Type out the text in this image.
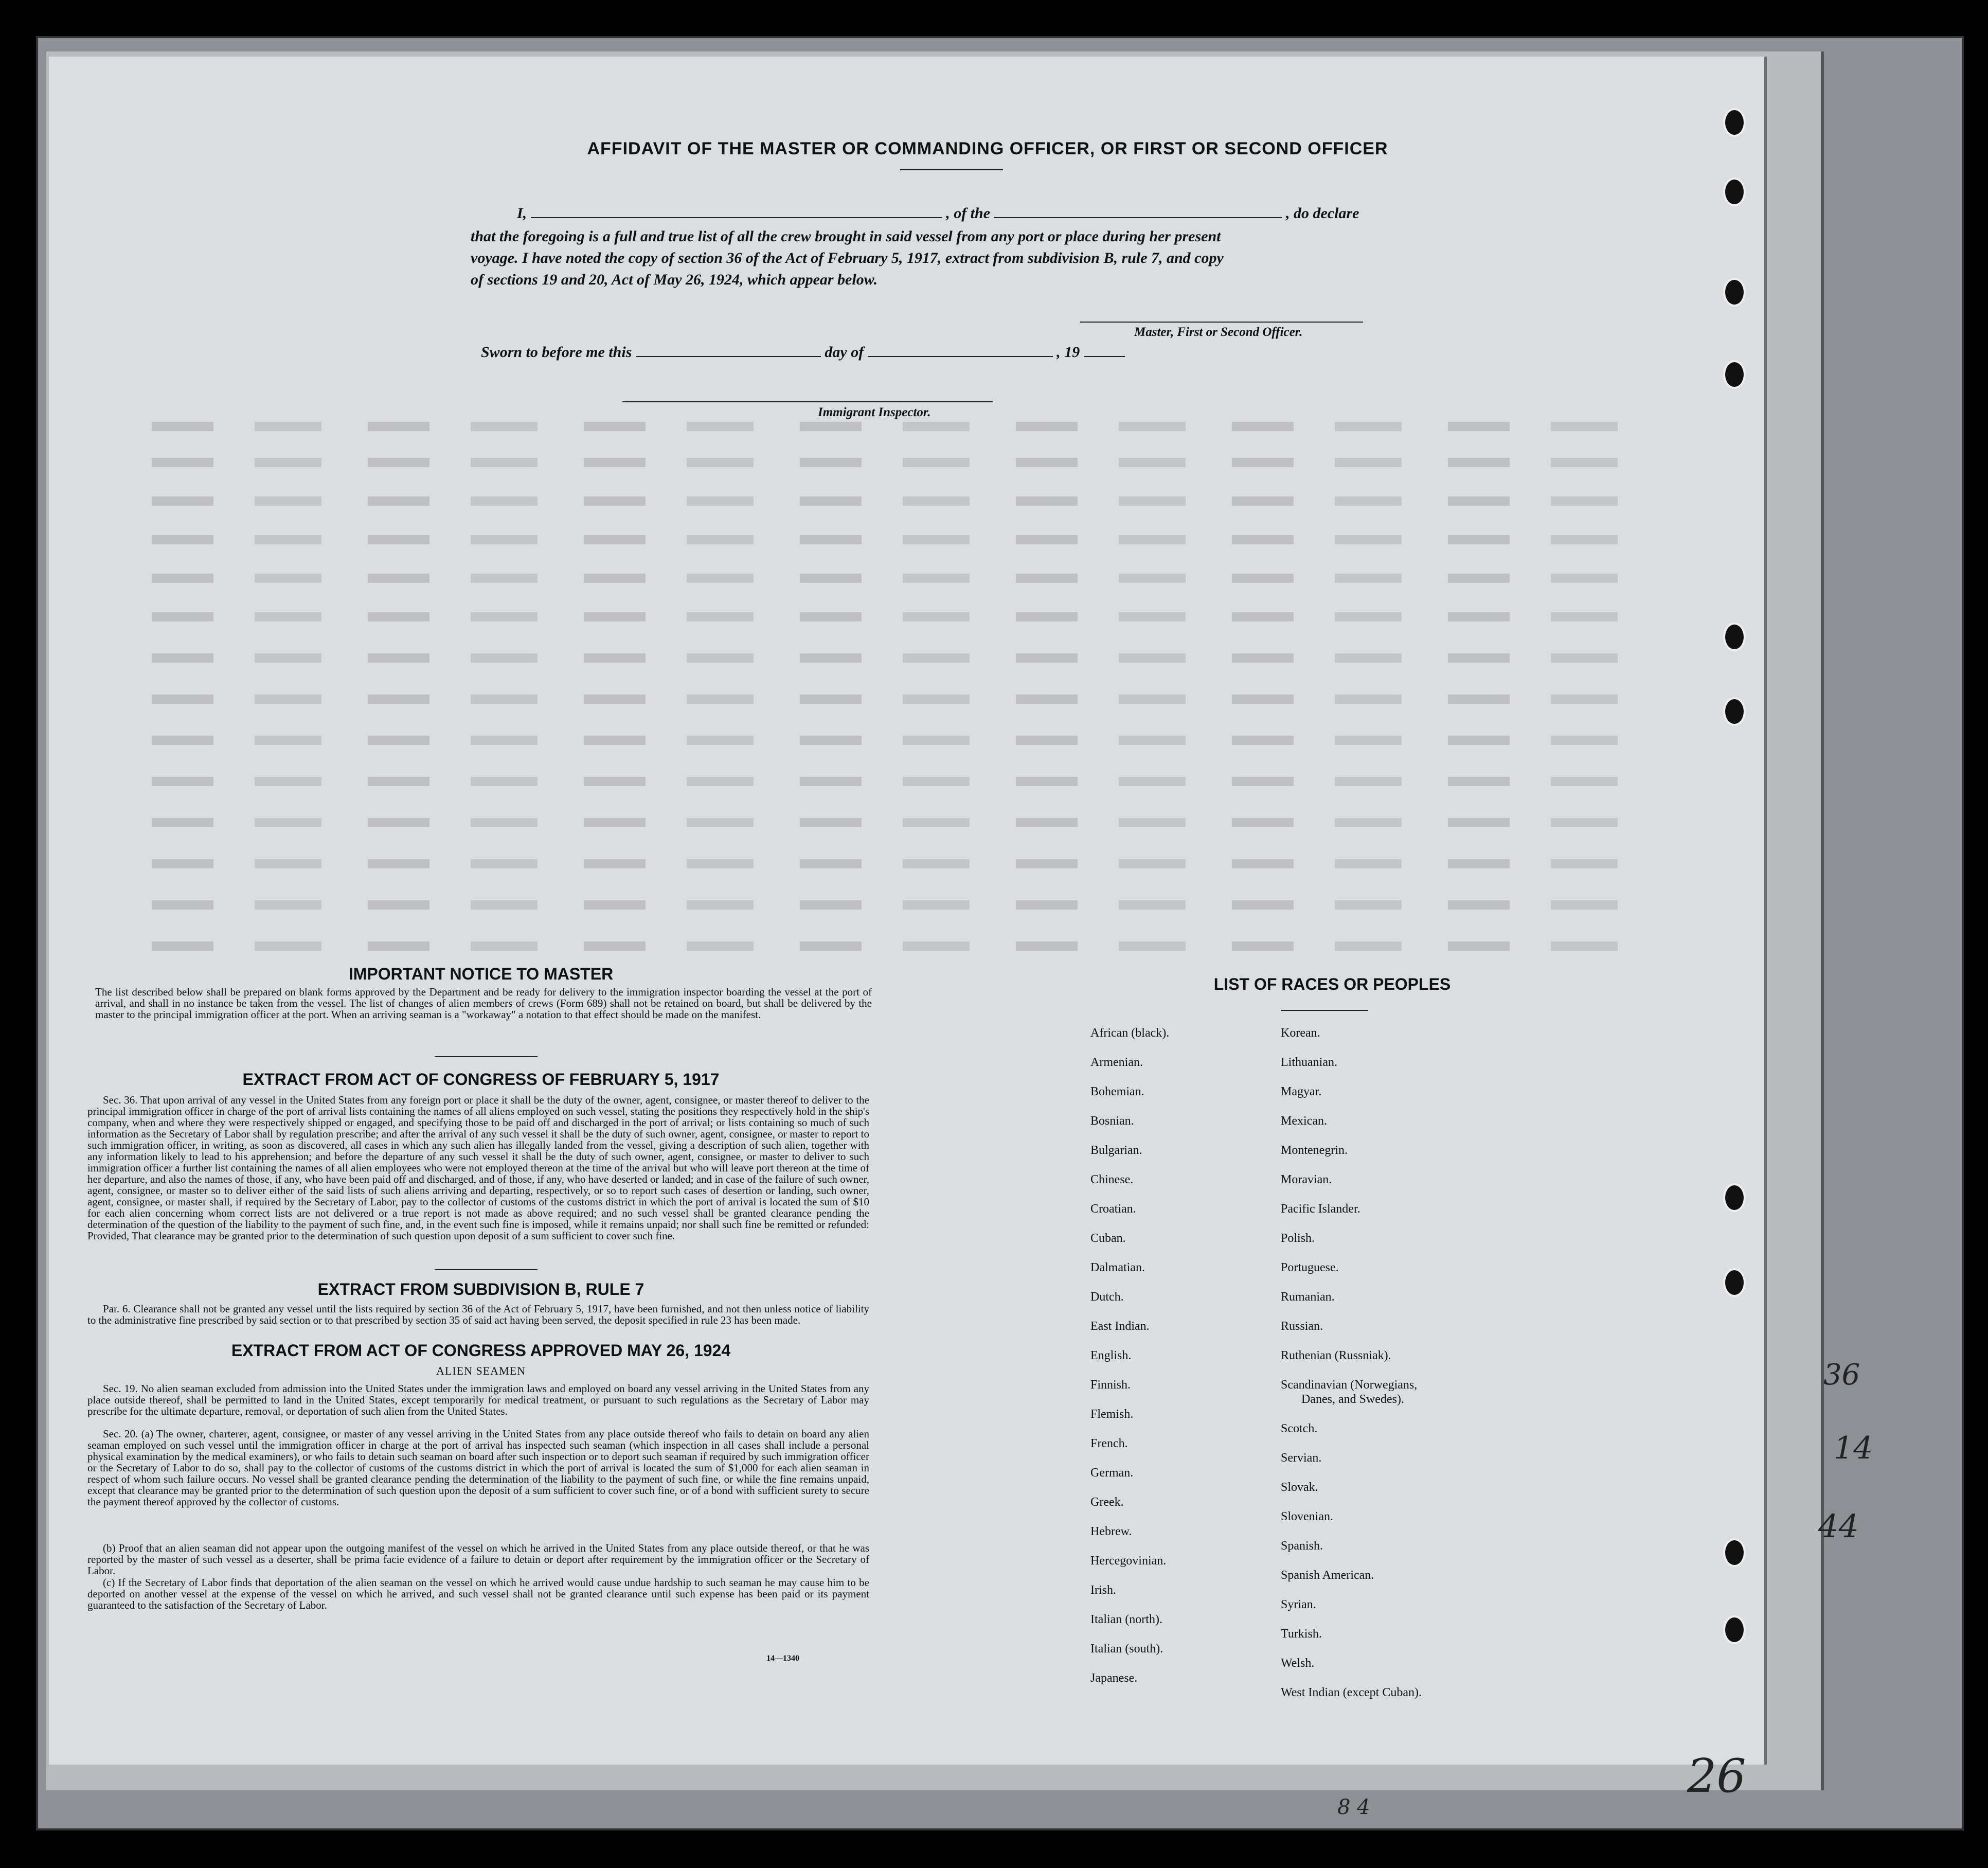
AFFIDAVIT OF THE MASTER OR COMMANDING OFFICER, OR FIRST OR SECOND OFFICER
I,	, of the	, do declare
that the foregoing is a full and true list of all the crew brought in said vessel from any port or place during her present
voyage. I have noted the copy of section 36 of the Act of February 5, 1917, extract from subdivision B, rule 7, and copy
of sections 19 and 20, Act of May 26, 1924, which appear below.
Master, First or Second Officer.
Sworn to before me this	day of	, 19
Immigrant Inspector.
IMPORTANT NOTICE TO MASTER
The list described below shall be prepared on blank forms approved by the Department and be ready for delivery to the immigration inspector boarding the vessel at the port of arrival, and shall in no instance be taken from the vessel. The list of changes of alien members of crews (Form 689) shall not be retained on board, but shall be delivered by the master to the principal immigration officer at the port. When an arriving seaman is a "workaway" a notation to that effect should be made on the manifest.
EXTRACT FROM ACT OF CONGRESS OF FEBRUARY 5, 1917
Sec. 36. That upon arrival of any vessel in the United States from any foreign port or place it shall be the duty of the owner, agent, consignee, or master thereof to deliver to the principal immigration officer in charge of the port of arrival lists containing the names of all aliens employed on such vessel, stating the positions they respectively hold in the ship's company, when and where they were respectively shipped or engaged, and specifying those to be paid off and discharged in the port of arrival; or lists containing so much of such information as the Secretary of Labor shall by regulation prescribe; and after the arrival of any such vessel it shall be the duty of such owner, agent, consignee, or master to report to such immigration officer, in writing, as soon as discovered, all cases in which any such alien has illegally landed from the vessel, giving a description of such alien, together with any information likely to lead to his apprehension; and before the departure of any such vessel it shall be the duty of such owner, agent, consignee, or master to deliver to such immigration officer a further list containing the names of all alien employees who were not employed thereon at the time of the arrival but who will leave port thereon at the time of her departure, and also the names of those, if any, who have been paid off and discharged, and of those, if any, who have deserted or landed; and in case of the failure of such owner, agent, consignee, or master so to deliver either of the said lists of such aliens arriving and departing, respectively, or so to report such cases of desertion or landing, such owner, agent, consignee, or master shall, if required by the Secretary of Labor, pay to the collector of customs of the customs district in which the port of arrival is located the sum of $10 for each alien concerning whom correct lists are not delivered or a true report is not made as above required; and no such vessel shall be granted clearance pending the determination of the question of the liability to the payment of such fine, and, in the event such fine is imposed, while it remains unpaid; nor shall such fine be remitted or refunded: Provided, That clearance may be granted prior to the determination of such question upon deposit of a sum sufficient to cover such fine.
EXTRACT FROM SUBDIVISION B, RULE 7
Par. 6. Clearance shall not be granted any vessel until the lists required by section 36 of the Act of February 5, 1917, have been furnished, and not then unless notice of liability to the administrative fine prescribed by said section or to that prescribed by section 35 of said act having been served, the deposit specified in rule 23 has been made.
EXTRACT FROM ACT OF CONGRESS APPROVED MAY 26, 1924
ALIEN SEAMEN
Sec. 19. No alien seaman excluded from admission into the United States under the immigration laws and employed on board any vessel arriving in the United States from any place outside thereof, shall be permitted to land in the United States, except temporarily for medical treatment, or pursuant to such regulations as the Secretary of Labor may prescribe for the ultimate departure, removal, or deportation of such alien from the United States.
Sec. 20. (a) The owner, charterer, agent, consignee, or master of any vessel arriving in the United States from any place outside thereof who fails to detain on board any alien seaman employed on such vessel until the immigration officer in charge at the port of arrival has inspected such seaman (which inspection in all cases shall include a personal physical examination by the medical examiners), or who fails to detain such seaman on board after such inspection or to deport such seaman if required by such immigration officer or the Secretary of Labor to do so, shall pay to the collector of customs of the customs district in which the port of arrival is located the sum of $1,000 for each alien seaman in respect of whom such failure occurs. No vessel shall be granted clearance pending the determination of the liability to the payment of such fine, or while the fine remains unpaid, except that clearance may be granted prior to the determination of such question upon the deposit of a sum sufficient to cover such fine, or of a bond with sufficient surety to secure the payment thereof approved by the collector of customs.
(b) Proof that an alien seaman did not appear upon the outgoing manifest of the vessel on which he arrived in the United States from any place outside thereof, or that he was reported by the master of such vessel as a deserter, shall be prima facie evidence of a failure to detain or deport after requirement by the immigration officer or the Secretary of Labor.
(c) If the Secretary of Labor finds that deportation of the alien seaman on the vessel on which he arrived would cause undue hardship to such seaman he may cause him to be deported on another vessel at the expense of the vessel on which he arrived, and such vessel shall not be granted clearance until such expense has been paid or its payment guaranteed to the satisfaction of the Secretary of Labor.
14—1340
LIST OF RACES OR PEOPLES
African (black).
Armenian.
Bohemian.
Bosnian.
Bulgarian.
Chinese.
Croatian.
Cuban.
Dalmatian.
Dutch.
East Indian.
English.
Finnish.
Flemish.
French.
German.
Greek.
Hebrew.
Hercegovinian.
Irish.
Italian (north).
Italian (south).
Japanese.
Korean.
Lithuanian.
Magyar.
Mexican.
Montenegrin.
Moravian.
Pacific Islander.
Polish.
Portuguese.
Rumanian.
Russian.
Ruthenian (Russniak).
Scandinavian (Norwegians,
Danes, and Swedes).
Scotch.
Servian.
Slovak.
Slovenian.
Spanish.
Spanish American.
Syrian.
Turkish.
Welsh.
West Indian (except Cuban).
36
14
44
26
8 4
